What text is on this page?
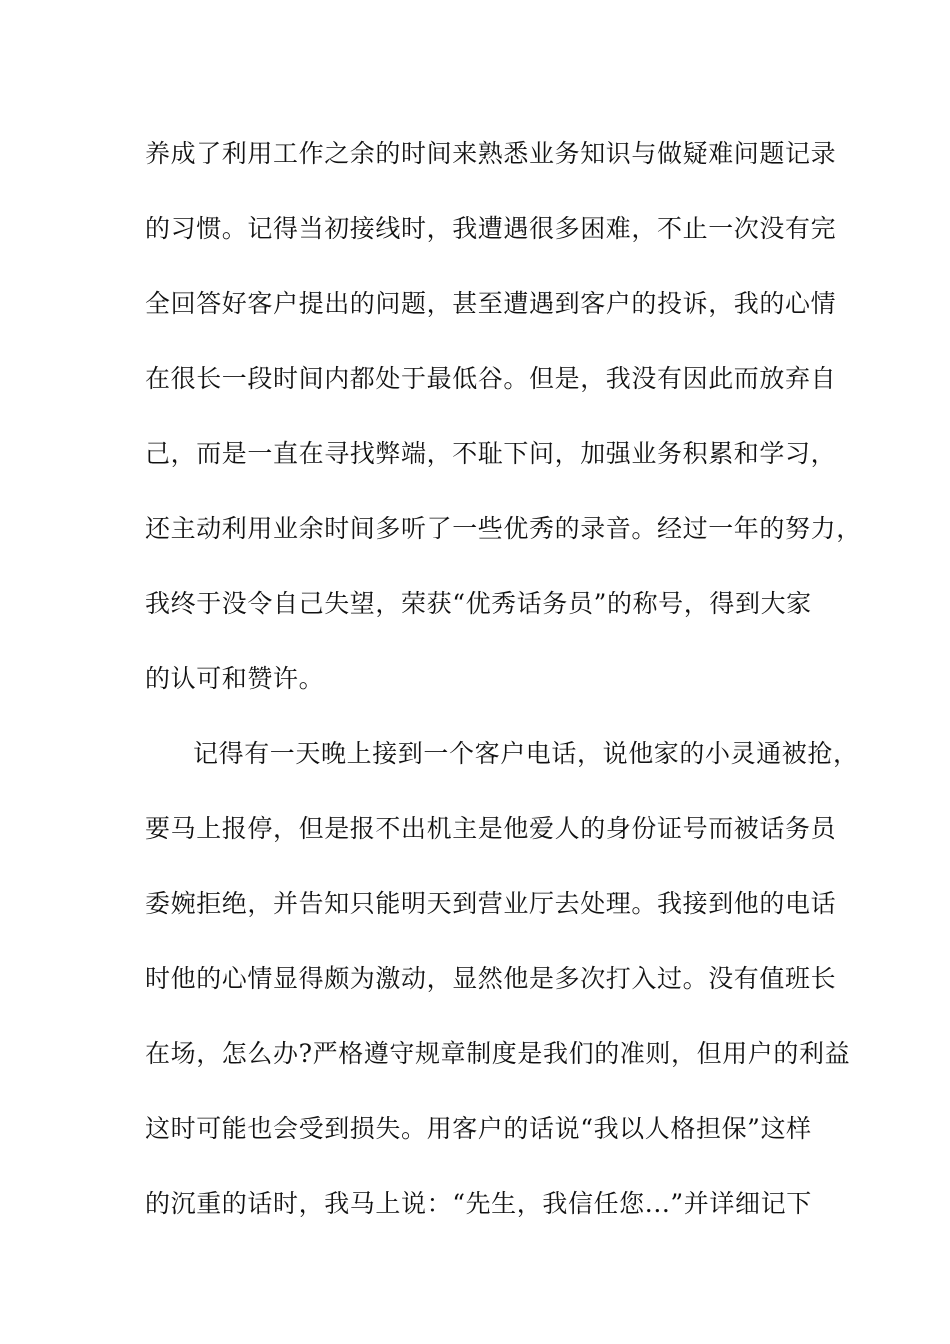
养成了利用工作之余的时间来熟悉业务知识与做疑难问题记录
的习惯。记得当初接线时，我遭遇很多困难，不止一次没有完
全回答好客户提出的问题，甚至遭遇到客户的投诉，我的心情
在很长一段时间内都处于最低谷。但是，我没有因此而放弃自
己，而是一直在寻找弊端，不耻下问，加强业务积累和学习，
还主动利用业余时间多听了一些优秀的录音。经过一年的努力，
我终于没令自己失望，荣获“优秀话务员”的称号，得到大家
的认可和赞许。
记得有一天晚上接到一个客户电话，说他家的小灵通被抢，
要马上报停，但是报不出机主是他爱人的身份证号而被话务员
委婉拒绝，并告知只能明天到营业厅去处理。我接到他的电话
时他的心情显得颇为激动，显然他是多次打入过。没有值班长
在场，怎么办?严格遵守规章制度是我们的准则，但用户的利益
这时可能也会受到损失。用客户的话说“我以人格担保”这样
的沉重的话时，我马上说：“先生，我信任您...”并详细记下
